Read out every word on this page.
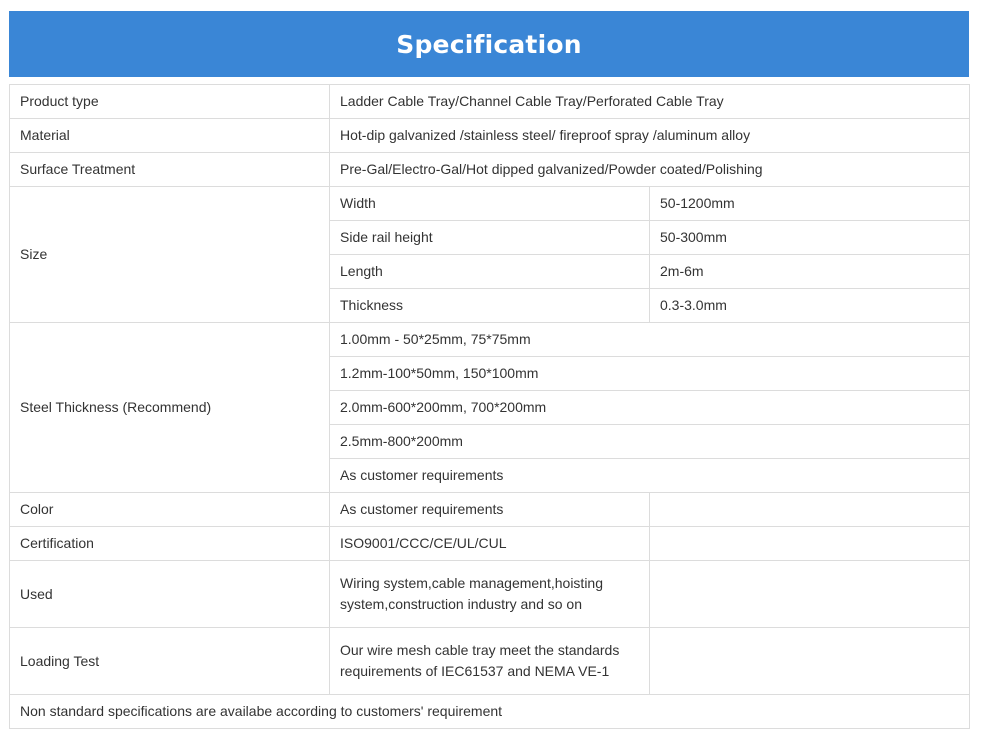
Specification
Product type	Ladder Cable Tray/Channel Cable Tray/Perforated Cable Tray	
Material	Hot-dip galvanized /stainless steel/ fireproof spray /aluminum alloy	
Surface Treatment	Pre-Gal/Electro-Gal/Hot dipped galvanized/Powder coated/Polishing	
Size	Width	50-1200mm
	Side rail height	50-300mm
	Length	2m-6m
	Thickness	0.3-3.0mm
Steel Thickness (Recommend)	1.00mm - 50*25mm, 75*75mm	
	1.2mm-100*50mm, 150*100mm	
	2.0mm-600*200mm, 700*200mm	
	2.5mm-800*200mm	
	As customer requirements	
Color	As customer requirements	
Certification	ISO9001/CCC/CE/UL/CUL	
Used	Wiring system,cable management,hoisting system,construction industry and so on	
Loading Test	Our wire mesh cable tray meet the standards requirements of IEC61537 and NEMA VE-1	
Non standard specifications are availabe according to customers' requirement		
